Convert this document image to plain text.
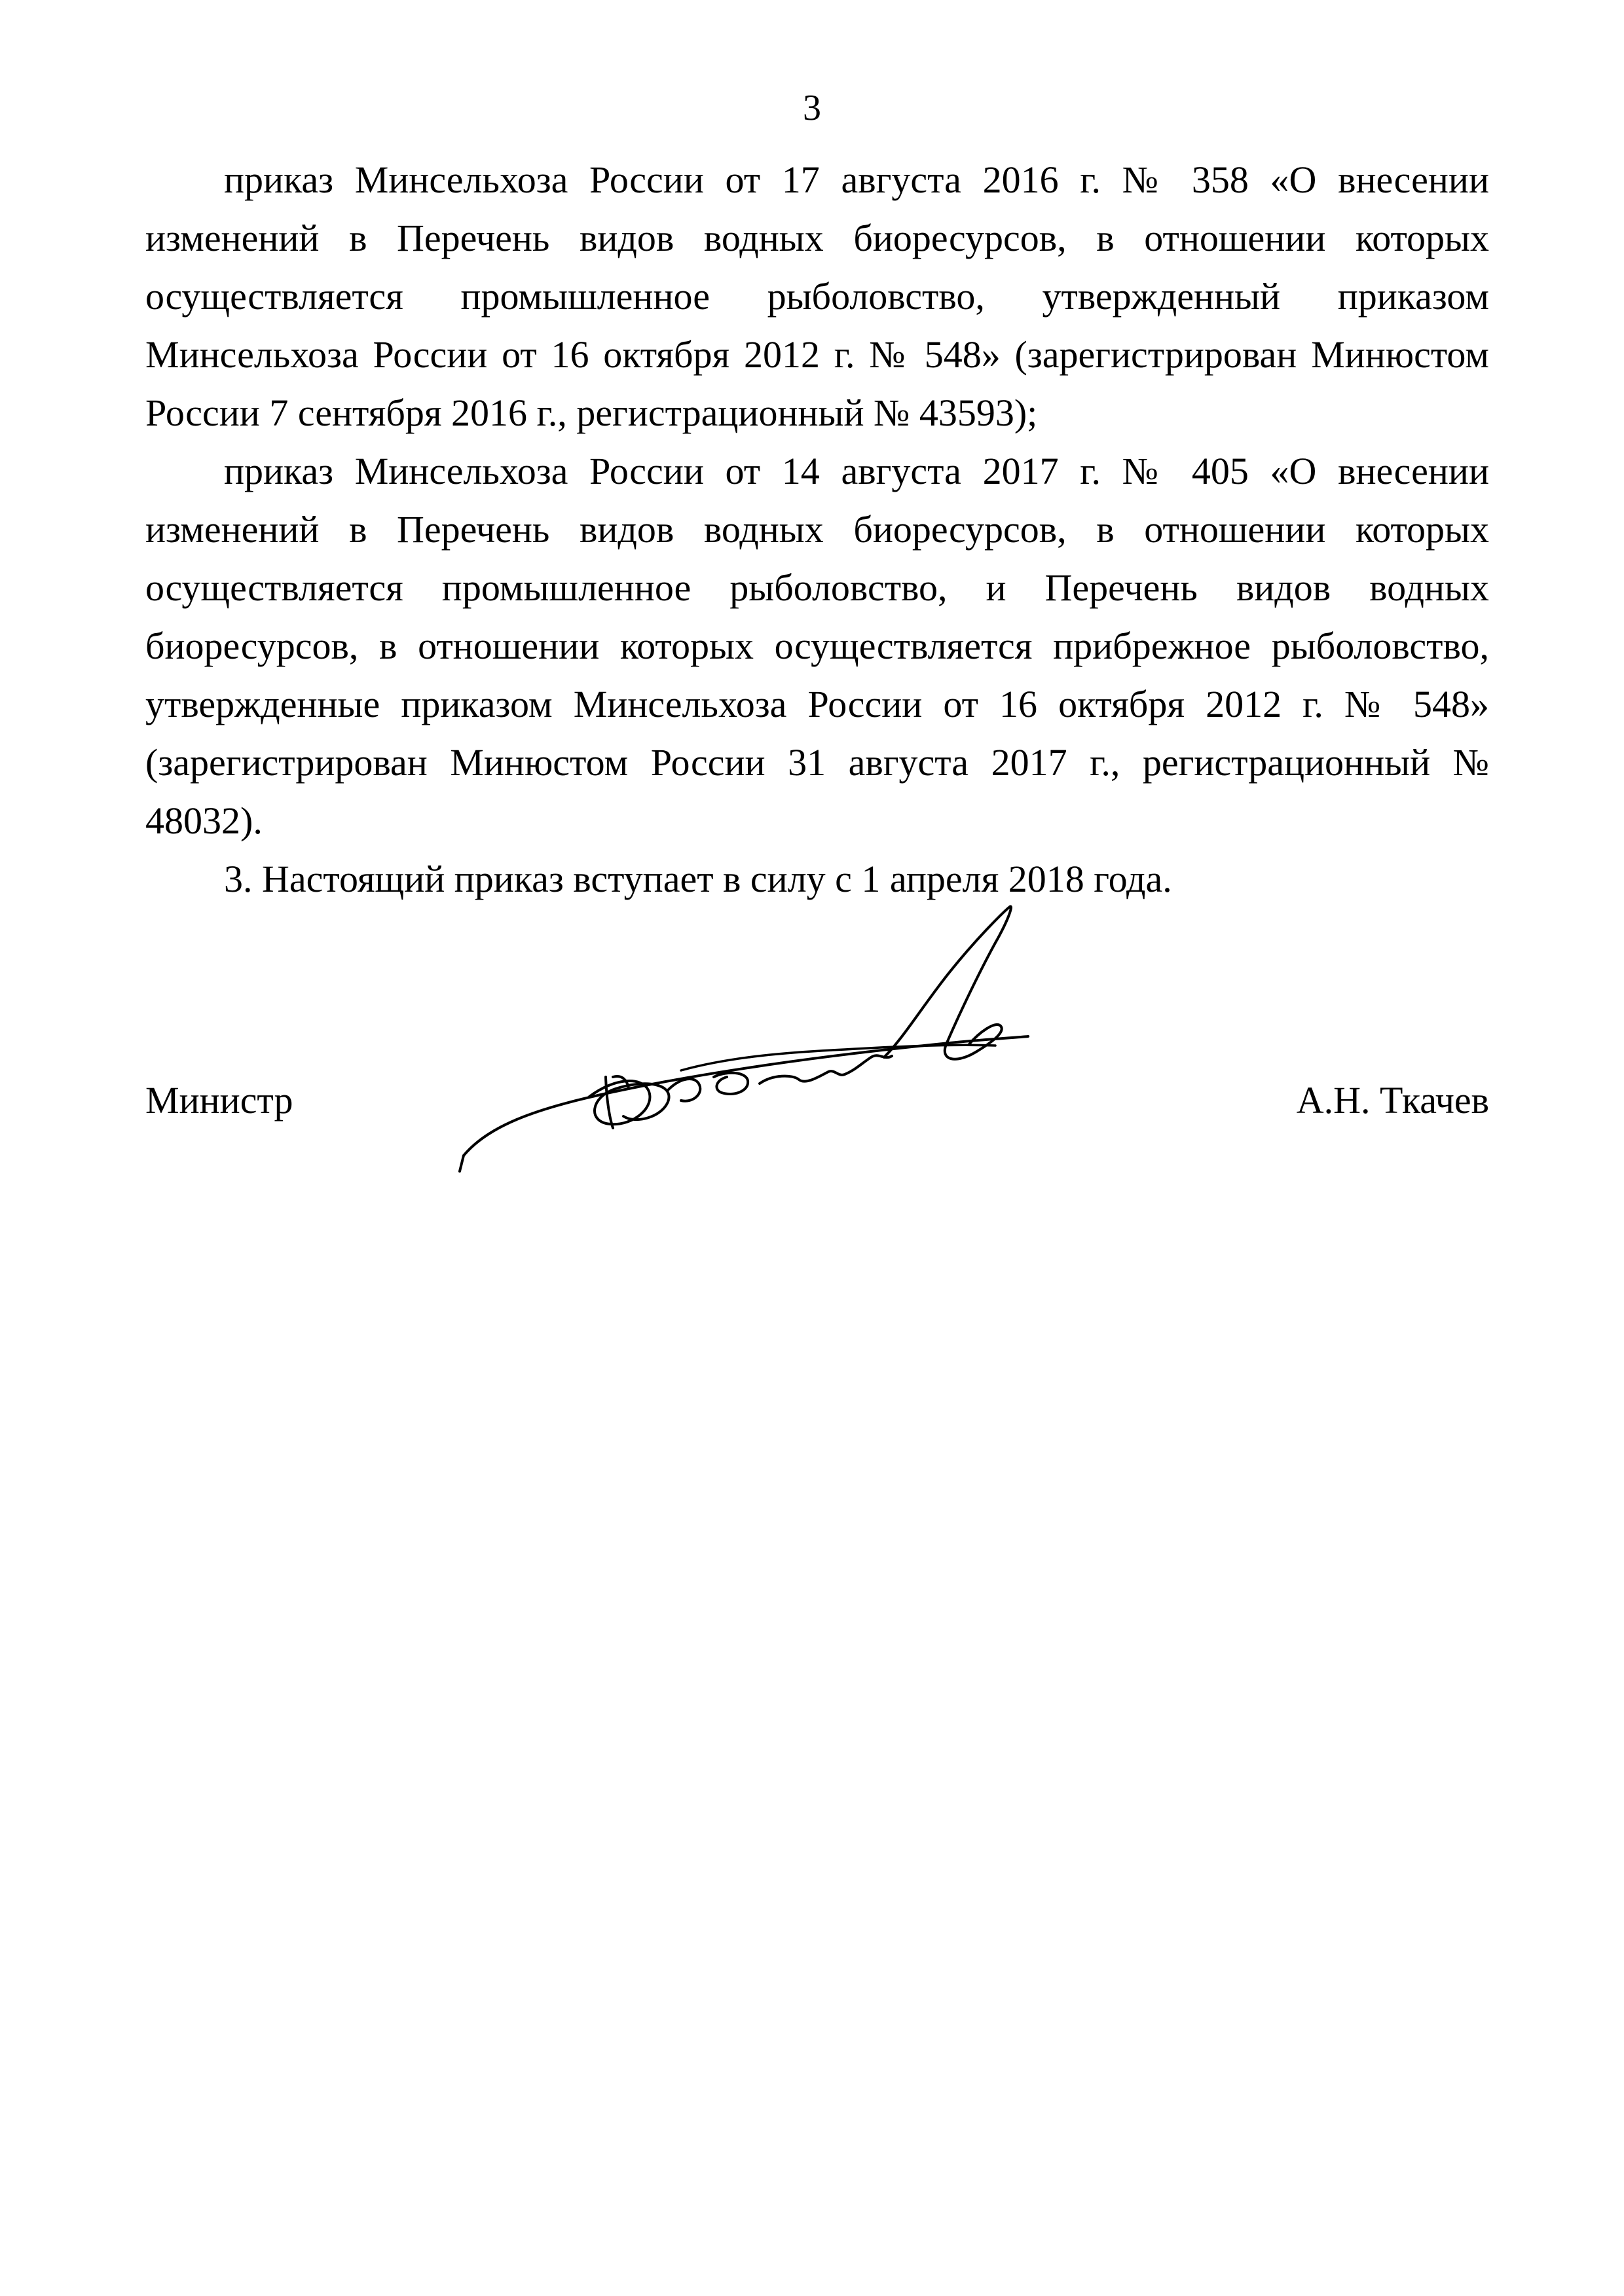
3

приказ Минсельхоза России от 17 августа 2016 г. № 358 «О внесении изменений в Перечень видов водных биоресурсов, в отношении которых осуществляется промышленное рыболовство, утвержденный приказом Минсельхоза России от 16 октября 2012 г. № 548» (зарегистрирован Минюстом России 7 сентября 2016 г., регистрационный № 43593);

приказ Минсельхоза России от 14 августа 2017 г. № 405 «О внесении изменений в Перечень видов водных биоресурсов, в отношении которых осуществляется промышленное рыболовство, и Перечень видов водных биоресурсов, в отношении которых осуществляется прибрежное рыболовство, утвержденные приказом Минсельхоза России от 16 октября 2012 г. № 548» (зарегистрирован Минюстом России 31 августа 2017 г., регистрационный № 48032).

3. Настоящий приказ вступает в силу с 1 апреля 2018 года.

Министр	А.Н. Ткачев
